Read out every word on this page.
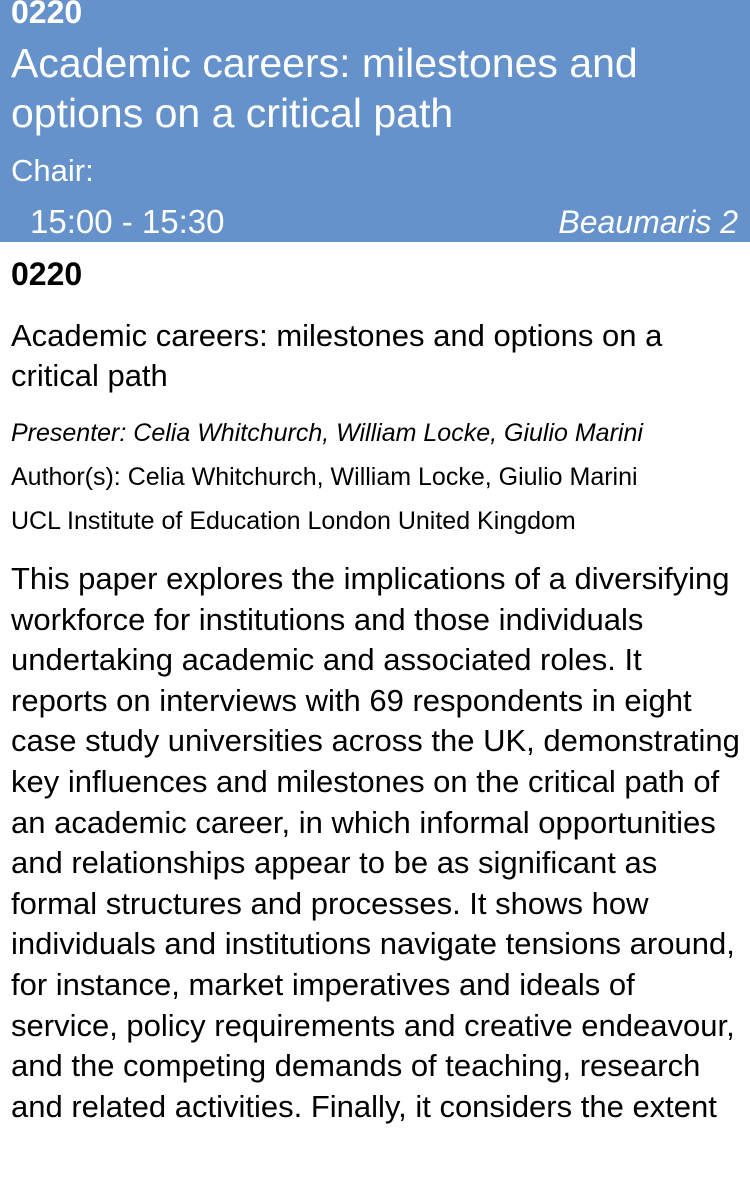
0220
Academic careers: milestones and options on a critical path
Chair:
15:00 - 15:30	Beaumaris 2
0220
Academic careers: milestones and options on a critical path
Presenter: Celia Whitchurch, William Locke, Giulio Marini
Author(s): Celia Whitchurch, William Locke, Giulio Marini
UCL Institute of Education London United Kingdom
This paper explores the implications of a diversifying workforce for institutions and those individuals undertaking academic and associated roles. It reports on interviews with 69 respondents in eight case study universities across the UK, demonstrating key influences and milestones on the critical path of an academic career, in which informal opportunities and relationships appear to be as significant as formal structures and processes. It shows how individuals and institutions navigate tensions around, for instance, market imperatives and ideals of service, policy requirements and creative endeavour, and the competing demands of teaching, research and related activities. Finally, it considers the extent
